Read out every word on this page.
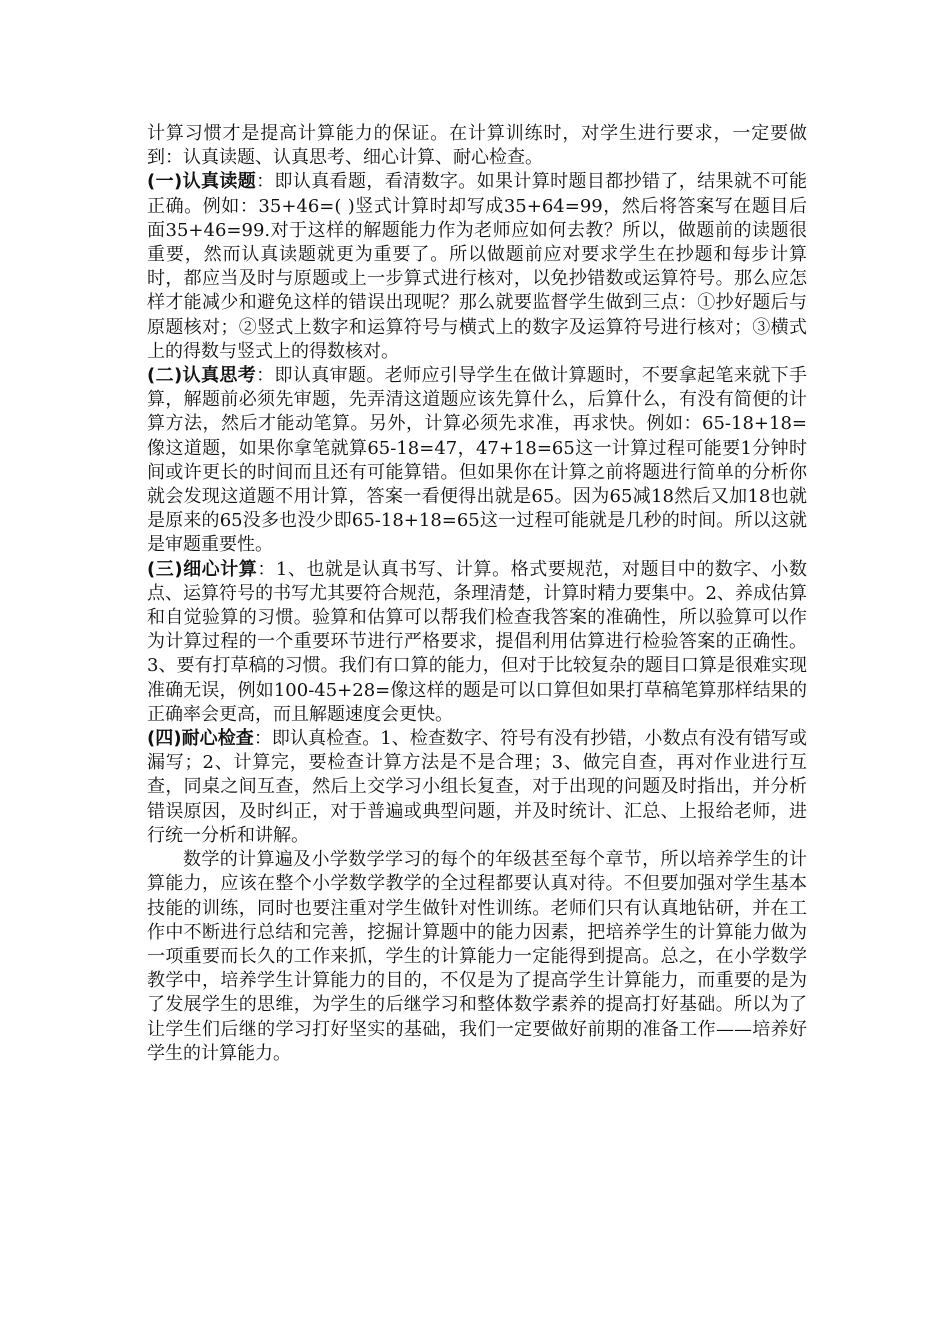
计算习惯才是提高计算能力的保证。在计算训练时，对学生进行要求，一定要做到：认真读题、认真思考、细心计算、耐心检查。

(一)认真读题：即认真看题，看清数字。如果计算时题目都抄错了，结果就不可能正确。例如：35+46=( )竖式计算时却写成35+64=99，然后将答案写在题目后面35+46=99.对于这样的解题能力作为老师应如何去教？所以，做题前的读题很重要，然而认真读题就更为重要了。所以做题前应对要求学生在抄题和每步计算时，都应当及时与原题或上一步算式进行核对，以免抄错数或运算符号。那么应怎样才能减少和避免这样的错误出现呢？那么就要监督学生做到三点：①抄好题后与原题核对；②竖式上数字和运算符号与横式上的数字及运算符号进行核对；③横式上的得数与竖式上的得数核对。

(二)认真思考：即认真审题。老师应引导学生在做计算题时，不要拿起笔来就下手算，解题前必须先审题，先弄清这道题应该先算什么，后算什么，有没有简便的计算方法，然后才能动笔算。另外，计算必须先求准，再求快。例如：65-18+18=像这道题，如果你拿笔就算65-18=47，47+18=65这一计算过程可能要1分钟时间或许更长的时间而且还有可能算错。但如果你在计算之前将题进行简单的分析你就会发现这道题不用计算，答案一看便得出就是65。因为65减18然后又加18也就是原来的65没多也没少即65-18+18=65这一过程可能就是几秒的时间。所以这就是审题重要性。

(三)细心计算：1、也就是认真书写、计算。格式要规范，对题目中的数字、小数点、运算符号的书写尤其要符合规范，条理清楚，计算时精力要集中。2、养成估算和自觉验算的习惯。验算和估算可以帮我们检查我答案的准确性，所以验算可以作为计算过程的一个重要环节进行严格要求，提倡利用估算进行检验答案的正确性。3、要有打草稿的习惯。我们有口算的能力，但对于比较复杂的题目口算是很难实现准确无误，例如100-45+28=像这样的题是可以口算但如果打草稿笔算那样结果的正确率会更高，而且解题速度会更快。

(四)耐心检查：即认真检查。1、检查数字、符号有没有抄错，小数点有没有错写或漏写；2、计算完，要检查计算方法是不是合理；3、做完自查，再对作业进行互查，同桌之间互查，然后上交学习小组长复查，对于出现的问题及时指出，并分析错误原因，及时纠正，对于普遍或典型问题，并及时统计、汇总、上报给老师，进行统一分析和讲解。

数学的计算遍及小学数学学习的每个的年级甚至每个章节，所以培养学生的计算能力，应该在整个小学数学教学的全过程都要认真对待。不但要加强对学生基本技能的训练，同时也要注重对学生做针对性训练。老师们只有认真地钻研，并在工作中不断进行总结和完善，挖掘计算题中的能力因素，把培养学生的计算能力做为一项重要而长久的工作来抓，学生的计算能力一定能得到提高。总之，在小学数学教学中，培养学生计算能力的目的，不仅是为了提高学生计算能力，而重要的是为了发展学生的思维，为学生的后继学习和整体数学素养的提高打好基础。所以为了让学生们后继的学习打好坚实的基础，我们一定要做好前期的准备工作——培养好学生的计算能力。
